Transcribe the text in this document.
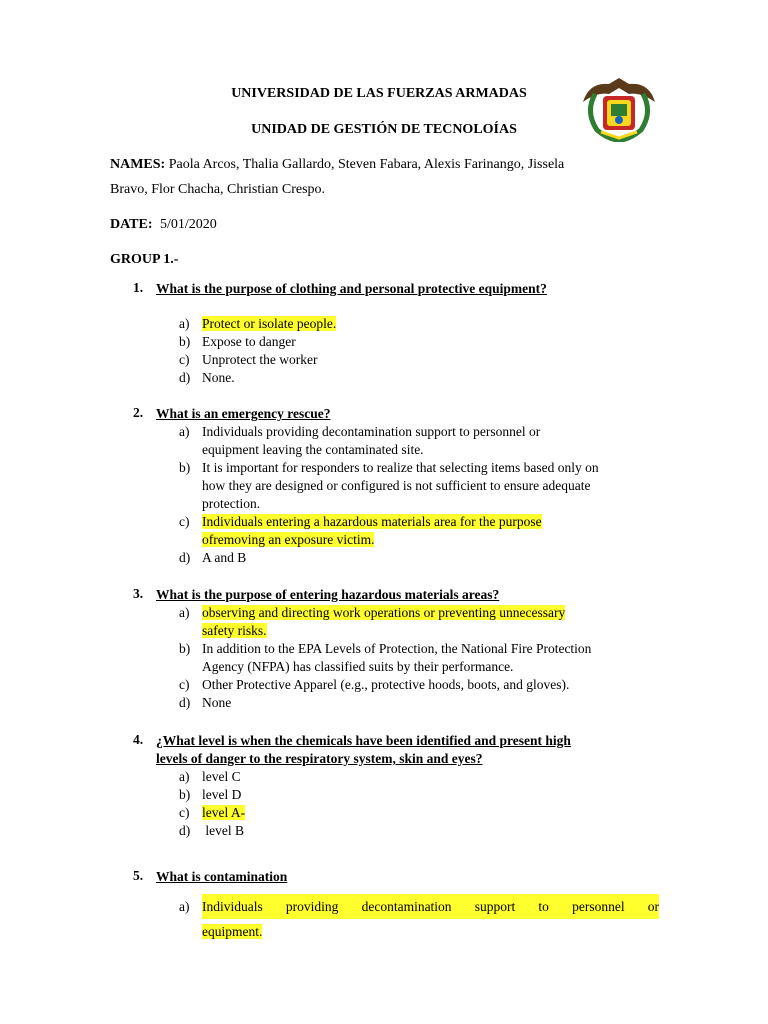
UNIVERSIDAD DE LAS FUERZAS ARMADAS
UNIDAD DE GESTIÓN DE TECNOLOÍAS
NAMES: Paola Arcos, Thalia Gallardo, Steven Fabara, Alexis Farinango, Jissela
Bravo, Flor Chacha, Christian Crespo.
DATE: 5/01/2020
GROUP 1.-
1. What is the purpose of clothing and personal protective equipment?
a) Protect or isolate people.
b) Expose to danger
c) Unprotect the worker
d) None.
2. What is an emergency rescue?
a) Individuals providing decontamination support to personnel or
equipment leaving the contaminated site.
b) It is important for responders to realize that selecting items based only on
how they are designed or configured is not sufficient to ensure adequate
protection.
c) Individuals entering a hazardous materials area for the purpose
ofremoving an exposure victim.
d) A and B
3. What is the purpose of entering hazardous materials areas?
a) observing and directing work operations or preventing unnecessary
safety risks.
b) In addition to the EPA Levels of Protection, the National Fire Protection
Agency (NFPA) has classified suits by their performance.
c) Other Protective Apparel (e.g., protective hoods, boots, and gloves).
d) None
4. ¿What level is when the chemicals have been identified and present high
levels of danger to the respiratory system, skin and eyes?
a) level C
b) level D
c) level A-
d) level B
5. What is contamination
a) Individuals providing decontamination support to personnel or
equipment.
